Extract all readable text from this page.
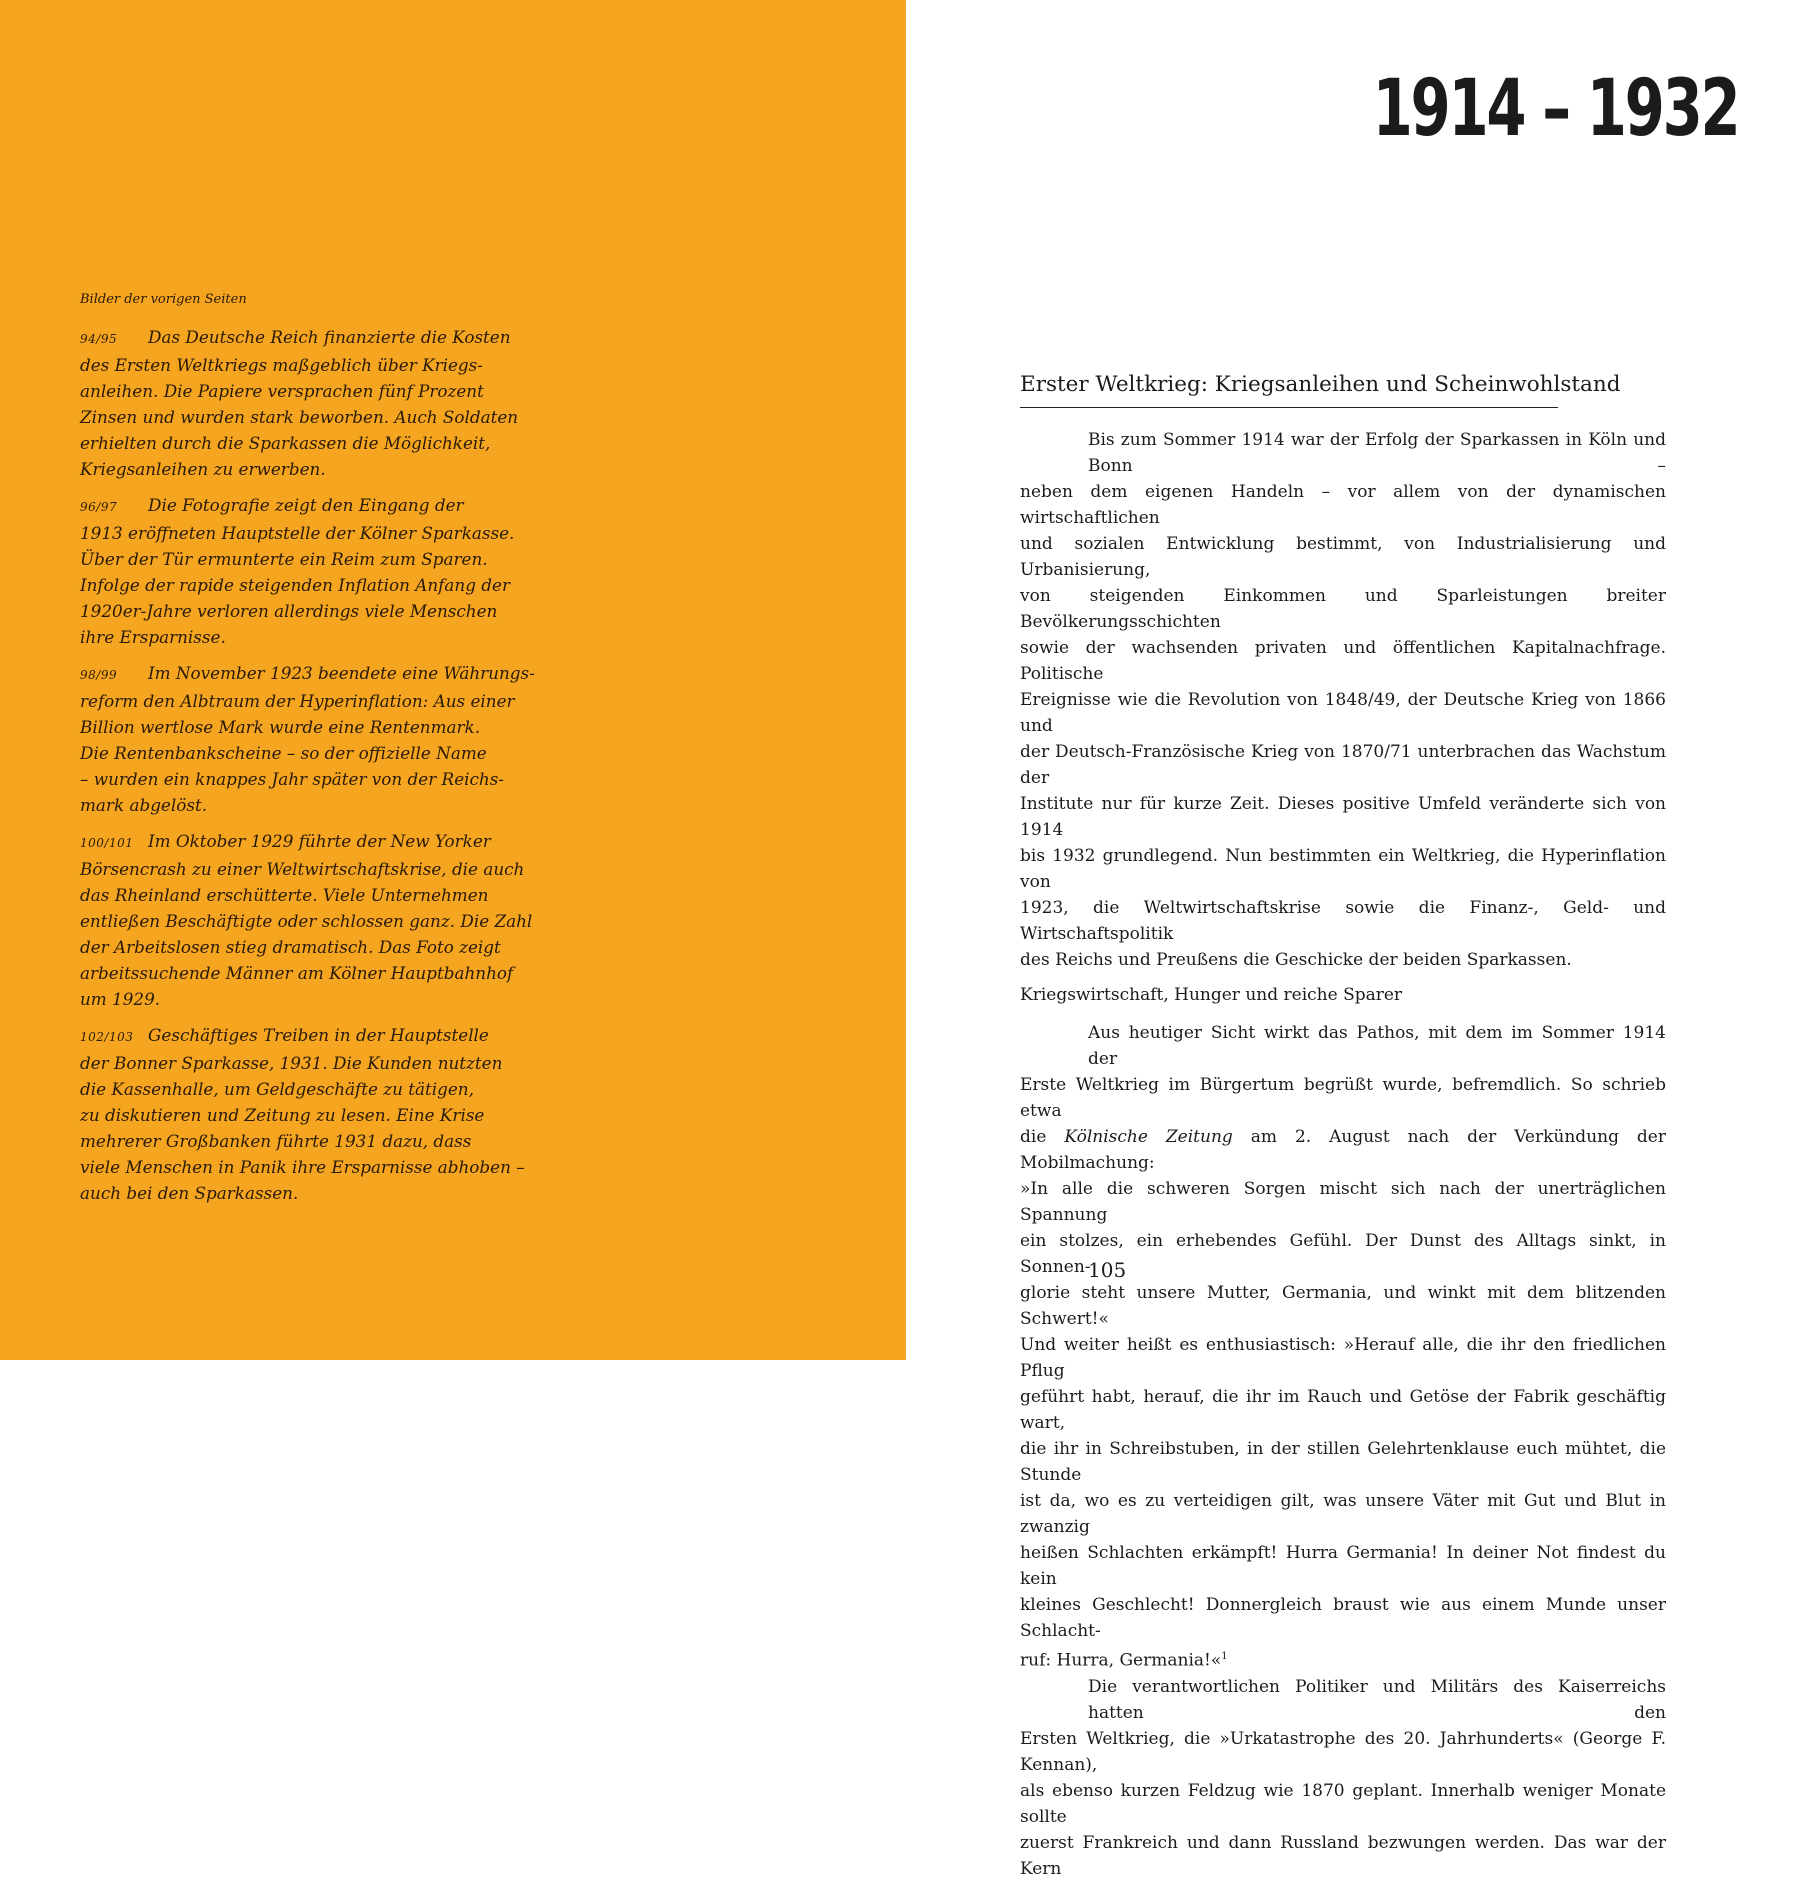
Bilder der vorigen Seiten
94/95 Das Deutsche Reich finanzierte die Kosten
des Ersten Weltkriegs maßgeblich über Kriegs-
anleihen. Die Papiere versprachen fünf Prozent
Zinsen und wurden stark beworben. Auch Soldaten
erhielten durch die Sparkassen die Möglichkeit,
Kriegsanleihen zu erwerben.
96/97 Die Fotografie zeigt den Eingang der
1913 eröffneten Hauptstelle der Kölner Sparkasse.
Über der Tür ermunterte ein Reim zum Sparen.
Infolge der rapide steigenden Inflation Anfang der
1920er-Jahre verloren allerdings viele Menschen
ihre Ersparnisse.
98/99 Im November 1923 beendete eine Währungs-
reform den Albtraum der Hyperinflation: Aus einer
Billion wertlose Mark wurde eine Rentenmark.
Die Rentenbankscheine – so der offizielle Name
– wurden ein knappes Jahr später von der Reichs-
mark abgelöst.
100/101 Im Oktober 1929 führte der New Yorker
Börsencrash zu einer Weltwirtschaftskrise, die auch
das Rheinland erschütterte. Viele Unternehmen
entließen Beschäftigte oder schlossen ganz. Die Zahl
der Arbeitslosen stieg dramatisch. Das Foto zeigt
arbeitssuchende Männer am Kölner Hauptbahnhof
um 1929.
102/103 Geschäftiges Treiben in der Hauptstelle
der Bonner Sparkasse, 1931. Die Kunden nutzten
die Kassenhalle, um Geldgeschäfte zu tätigen,
zu diskutieren und Zeitung zu lesen. Eine Krise
mehrerer Großbanken führte 1931 dazu, dass
viele Menschen in Panik ihre Ersparnisse abhoben –
auch bei den Sparkassen.
1914 – 1932
Erster Weltkrieg: Kriegsanleihen und Scheinwohlstand
Bis zum Sommer 1914 war der Erfolg der Sparkassen in Köln und Bonn –
neben dem eigenen Handeln – vor allem von der dynamischen wirtschaftlichen
und sozialen Entwicklung bestimmt, von Industrialisierung und Urbanisierung,
von steigenden Einkommen und Sparleistungen breiter Bevölkerungsschichten
sowie der wachsenden privaten und öffentlichen Kapitalnachfrage. Politische
Ereignisse wie die Revolution von 1848/49, der Deutsche Krieg von 1866 und
der Deutsch-Französische Krieg von 1870/71 unterbrachen das Wachstum der
Institute nur für kurze Zeit. Dieses positive Umfeld veränderte sich von 1914
bis 1932 grundlegend. Nun bestimmten ein Weltkrieg, die Hyperinflation von
1923, die Weltwirtschaftskrise sowie die Finanz-, Geld- und Wirtschaftspolitik
des Reichs und Preußens die Geschicke der beiden Sparkassen.
Kriegswirtschaft, Hunger und reiche Sparer
Aus heutiger Sicht wirkt das Pathos, mit dem im Sommer 1914 der
Erste Weltkrieg im Bürgertum begrüßt wurde, befremdlich. So schrieb etwa
die Kölnische Zeitung am 2. August nach der Verkündung der Mobilmachung:
»In alle die schweren Sorgen mischt sich nach der unerträglichen Spannung
ein stolzes, ein erhebendes Gefühl. Der Dunst des Alltags sinkt, in Sonnen-
glorie steht unsere Mutter, Germania, und winkt mit dem blitzenden Schwert!«
Und weiter heißt es enthusiastisch: »Herauf alle, die ihr den friedlichen Pflug
geführt habt, herauf, die ihr im Rauch und Getöse der Fabrik geschäftig wart,
die ihr in Schreibstuben, in der stillen Gelehrtenklause euch mühtet, die Stunde
ist da, wo es zu verteidigen gilt, was unsere Väter mit Gut und Blut in zwanzig
heißen Schlachten erkämpft! Hurra Germania! In deiner Not findest du kein
kleines Geschlecht! Donnergleich braust wie aus einem Munde unser Schlacht-
ruf: Hurra, Germania!«$^1$
Die verantwortlichen Politiker und Militärs des Kaiserreichs hatten den
Ersten Weltkrieg, die »Urkatastrophe des 20. Jahrhunderts« (George F. Kennan),
als ebenso kurzen Feldzug wie 1870 geplant. Innerhalb weniger Monate sollte
zuerst Frankreich und dann Russland bezwungen werden. Das war der Kern
105
